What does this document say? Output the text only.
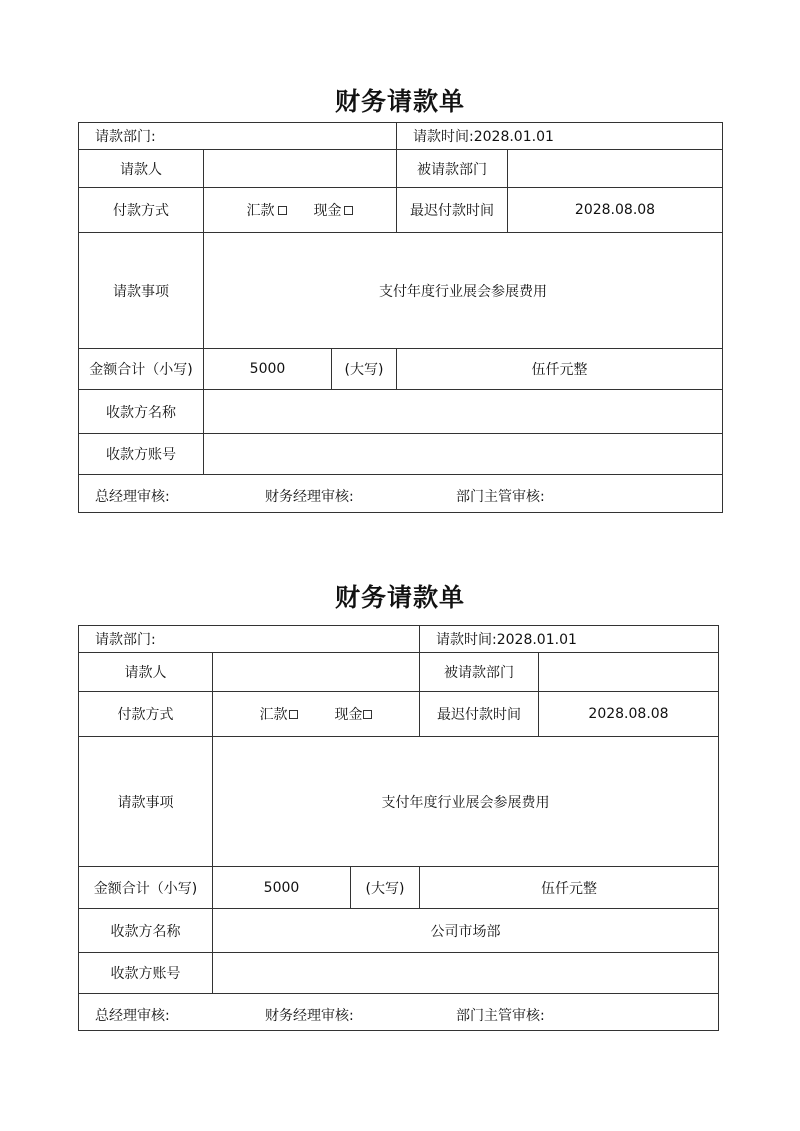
财务请款单
请款部门:			请款时间:2028.01.01	
请款人			被请款部门	
付款方式	汇款 现金		最迟付款时间	2028.08.08
请款事项	支付年度行业展会参展费用			
金额合计（小写)	5000	(大写)	伍仟元整	
收款方名称				
收款方账号				

总经理审核: 财务经理审核: 部门主管审核:				
财务请款单
请款部门:			请款时间:2028.01.01	
请款人			被请款部门	
付款方式	汇款 现金		最迟付款时间	2028.08.08
请款事项	支付年度行业展会参展费用			
金额合计（小写)	5000	(大写)	伍仟元整	
收款方名称	公司市场部			
收款方账号				

总经理审核: 财务经理审核: 部门主管审核:				
